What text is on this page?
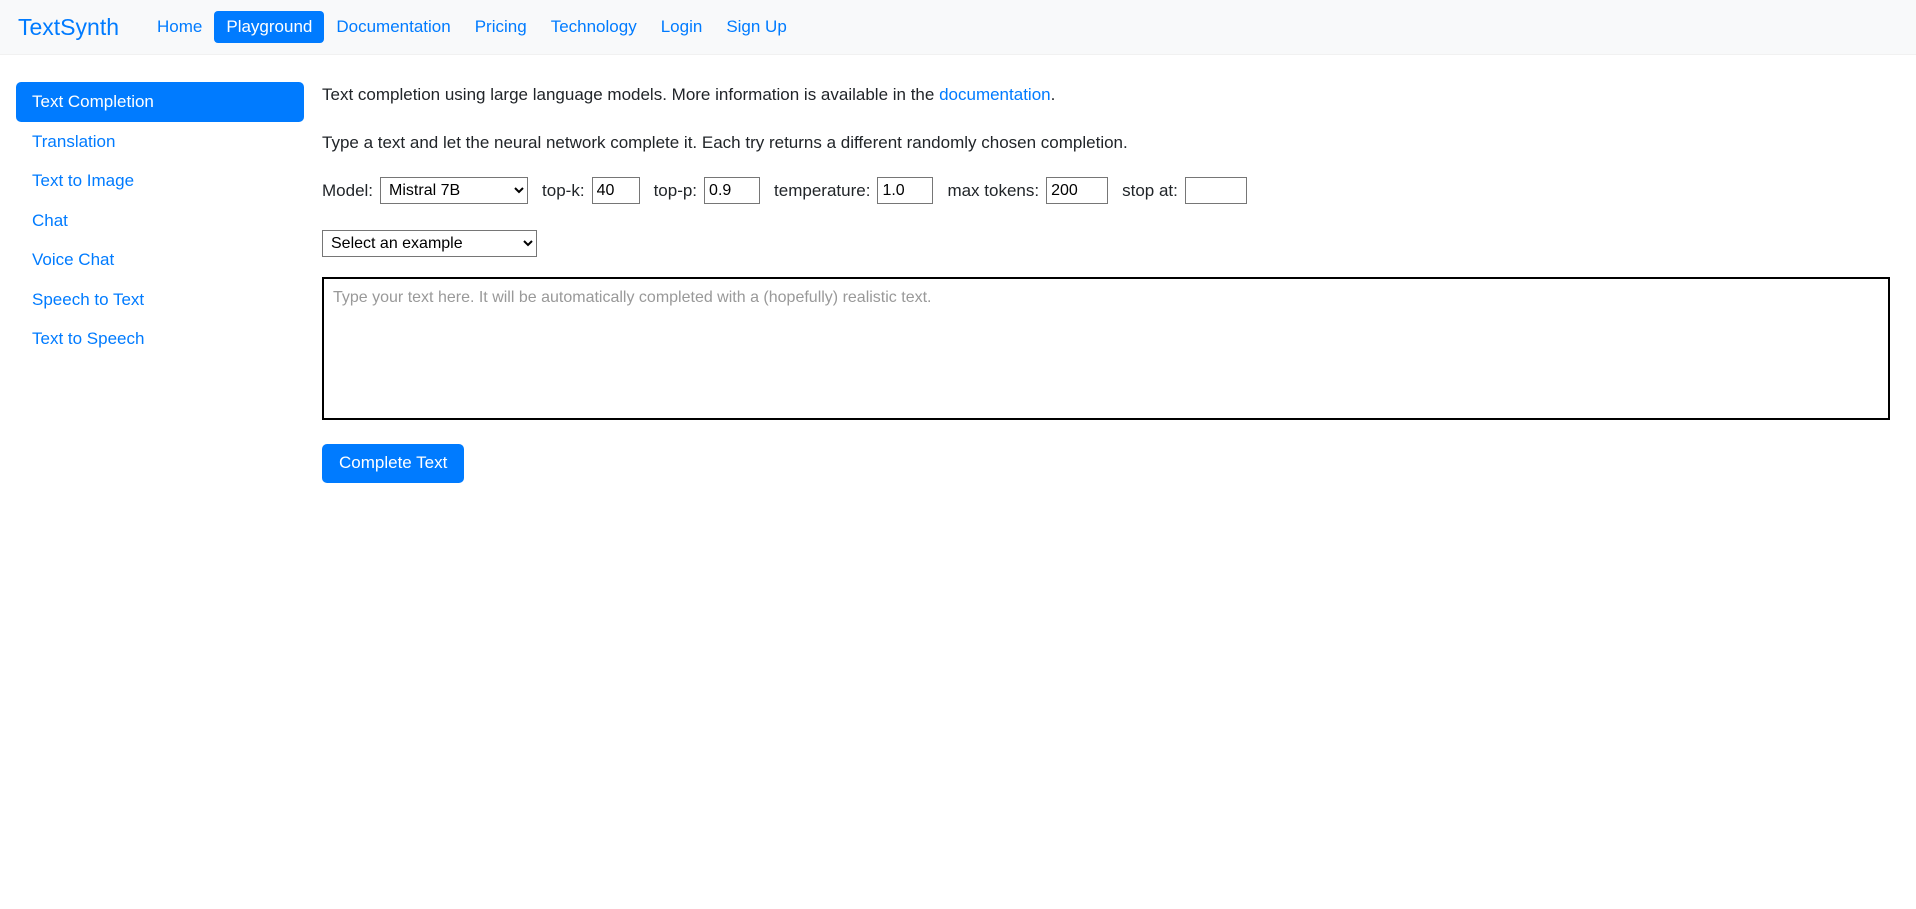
TextSynth	Home	Playground	Documentation	Pricing	Technology	Login	Sign Up
Text Completion
Translation
Text to Image
Chat
Voice Chat
Speech to Text
Text to Speech

Text completion using large language models. More information is available in the documentation.

Type a text and let the neural network complete it. Each try returns a different randomly chosen completion.

Model:
Mistral 7B	top-k:
40	top-p:
0.9	temperature:
1.0	max tokens:
200	stop at:
Select an example
Type your text here. It will be automatically completed with a (hopefully) realistic text. Complete Text
